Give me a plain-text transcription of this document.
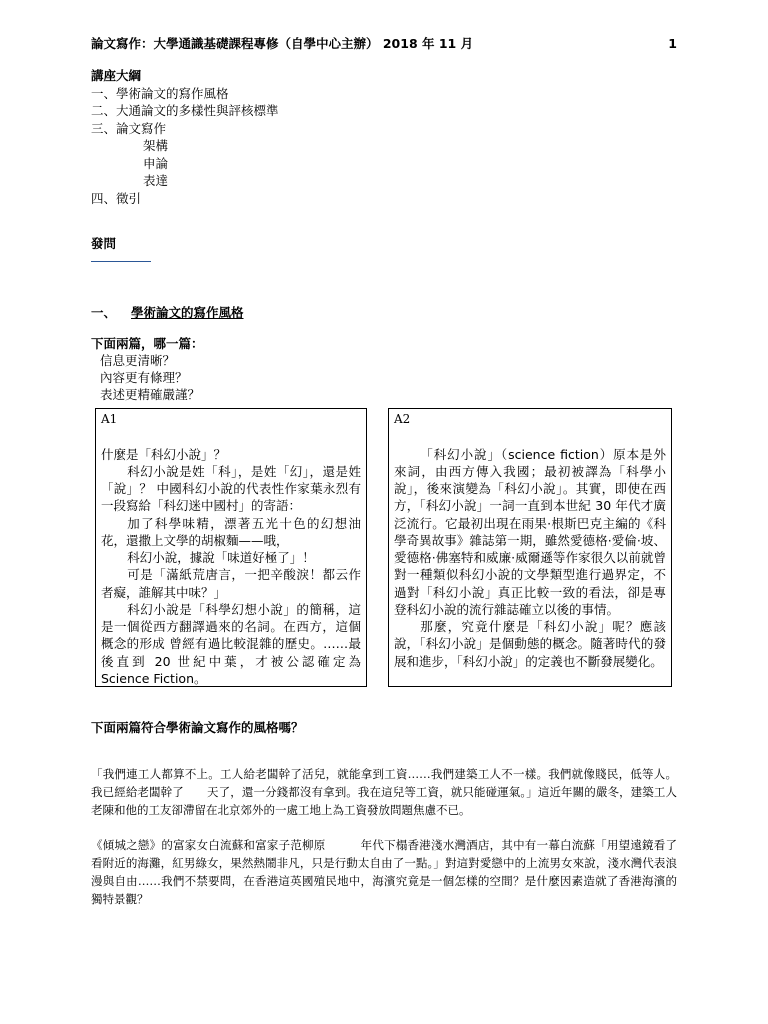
論文寫作：大學通識基礎課程專修（自學中心主辦） 2018 年 11 月	1
講座大綱
一、學術論文的寫作風格
二、大通論文的多樣性與評核標準
三、論文寫作
架構
申論
表達
四、徵引
發問
一、 學術論文的寫作風格
下面兩篇，哪一篇：
信息更清晰？
內容更有條理？
表述更精確嚴謹？
A1

什麼是「科幻小說」？

科幻小說是姓「科」，是姓「幻」，還是姓「說」？ 中國科幻小說的代表性作家葉永烈有一段寫給「科幻迷中國村」的寄語：

加了科學味精，漂著五光十色的幻想油花，還撒上文學的胡椒麵——哦，

科幻小說，據說「味道好極了」！

可是「滿紙荒唐言，一把辛酸淚！都云作者癡，誰解其中味？」

科幻小說是「科學幻想小說」的簡稱，這是一個從西方翻譯過來的名詞。在西方，這個概念的形成 曾經有過比較混雜的歷史。……最後直到 20 世紀中葉，才被公認確定為 Science Fiction。

A2

「科幻小說」（science fiction）原本是外來詞，由西方傳入我國；最初被譯為「科學小說」，後來演變為「科幻小說」。其實，即使在西方，「科幻小說」一詞一直到本世紀 30 年代才廣泛流行。它最初出現在雨果·根斯巴克主編的《科學奇異故事》雜誌第一期，雖然愛德格·愛倫·坡、愛德格·佛塞特和威廉·威爾遜等作家很久以前就曾對一種類似科幻小說的文學類型進行過界定，不過對「科幻小說」真正比較一致的看法，卻是專登科幻小說的流行雜誌確立以後的事情。

那麼，究竟什麼是「科幻小說」呢？應該說，「科幻小說」是個動態的概念。隨著時代的發展和進步，「科幻小說」的定義也不斷發展變化。

下面兩篇符合學術論文寫作的風格嗎？
「我們連工人都算不上。工人給老闆幹了活兒，就能拿到工資……我們建築工人不一樣。我們就像賤民，低等人。我已經給老闆幹了　　天了，還一分錢都沒有拿到。我在這兒等工資，就只能碰運氣。」這近年關的嚴冬，建築工人老陳和他的工友卻滯留在北京郊外的一處工地上為工資發放問題焦慮不已。
《傾城之戀》的富家女白流蘇和富家子范柳原　　　年代下榻香港淺水灣酒店，其中有一幕白流蘇「用望遠鏡看了看附近的海灘，紅男綠女，果然熱鬧非凡，只是行動太自由了一點。」對這對愛戀中的上流男女來說，淺水灣代表浪漫與自由……我們不禁要問，在香港這英國殖民地中，海濱究竟是一個怎樣的空間？是什麼因素造就了香港海濱的獨特景觀？
